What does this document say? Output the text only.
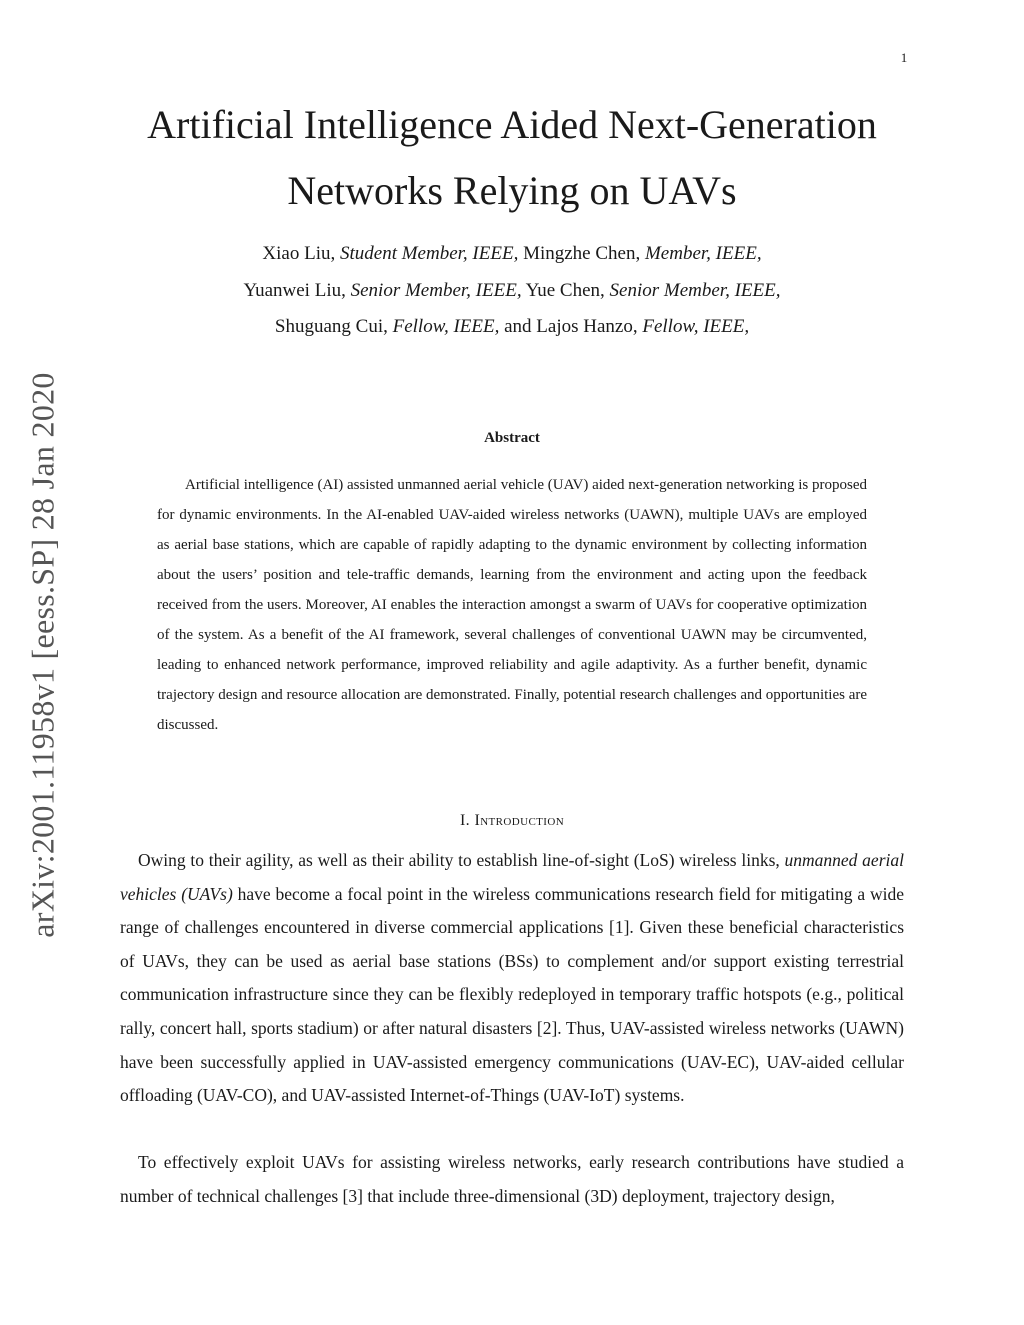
1
arXiv:2001.11958v1 [eess.SP] 28 Jan 2020
Artificial Intelligence Aided Next-Generation
Networks Relying on UAVs
Xiao Liu, Student Member, IEEE, Mingzhe Chen, Member, IEEE,
Yuanwei Liu, Senior Member, IEEE, Yue Chen, Senior Member, IEEE,
Shuguang Cui, Fellow, IEEE, and Lajos Hanzo, Fellow, IEEE,
Abstract

Artificial intelligence (AI) assisted unmanned aerial vehicle (UAV) aided next-generation networking is proposed for dynamic environments. In the AI-enabled UAV-aided wireless networks (UAWN), multiple UAVs are employed as aerial base stations, which are capable of rapidly adapting to the dynamic environment by collecting information about the users’ position and tele-traffic demands, learning from the environment and acting upon the feedback received from the users. Moreover, AI enables the interaction amongst a swarm of UAVs for cooperative optimization of the system. As a benefit of the AI framework, several challenges of conventional UAWN may be circumvented, leading to enhanced network performance, improved reliability and agile adaptivity. As a further benefit, dynamic trajectory design and resource allocation are demonstrated. Finally, potential research challenges and opportunities are discussed.

I. Introduction

Owing to their agility, as well as their ability to establish line-of-sight (LoS) wireless links, unmanned aerial vehicles (UAVs) have become a focal point in the wireless communications research field for mitigating a wide range of challenges encountered in diverse commercial applications [1]. Given these beneficial characteristics of UAVs, they can be used as aerial base stations (BSs) to complement and/or support existing terrestrial communication infrastructure since they can be flexibly redeployed in temporary traffic hotspots (e.g., political rally, concert hall, sports stadium) or after natural disasters [2]. Thus, UAV-assisted wireless networks (UAWN) have been successfully applied in UAV-assisted emergency communications (UAV-EC), UAV-aided cellular offloading (UAV-CO), and UAV-assisted Internet-of-Things (UAV-IoT) systems.

To effectively exploit UAVs for assisting wireless networks, early research contributions have studied a number of technical challenges [3] that include three-dimensional (3D) deployment, trajectory design,
